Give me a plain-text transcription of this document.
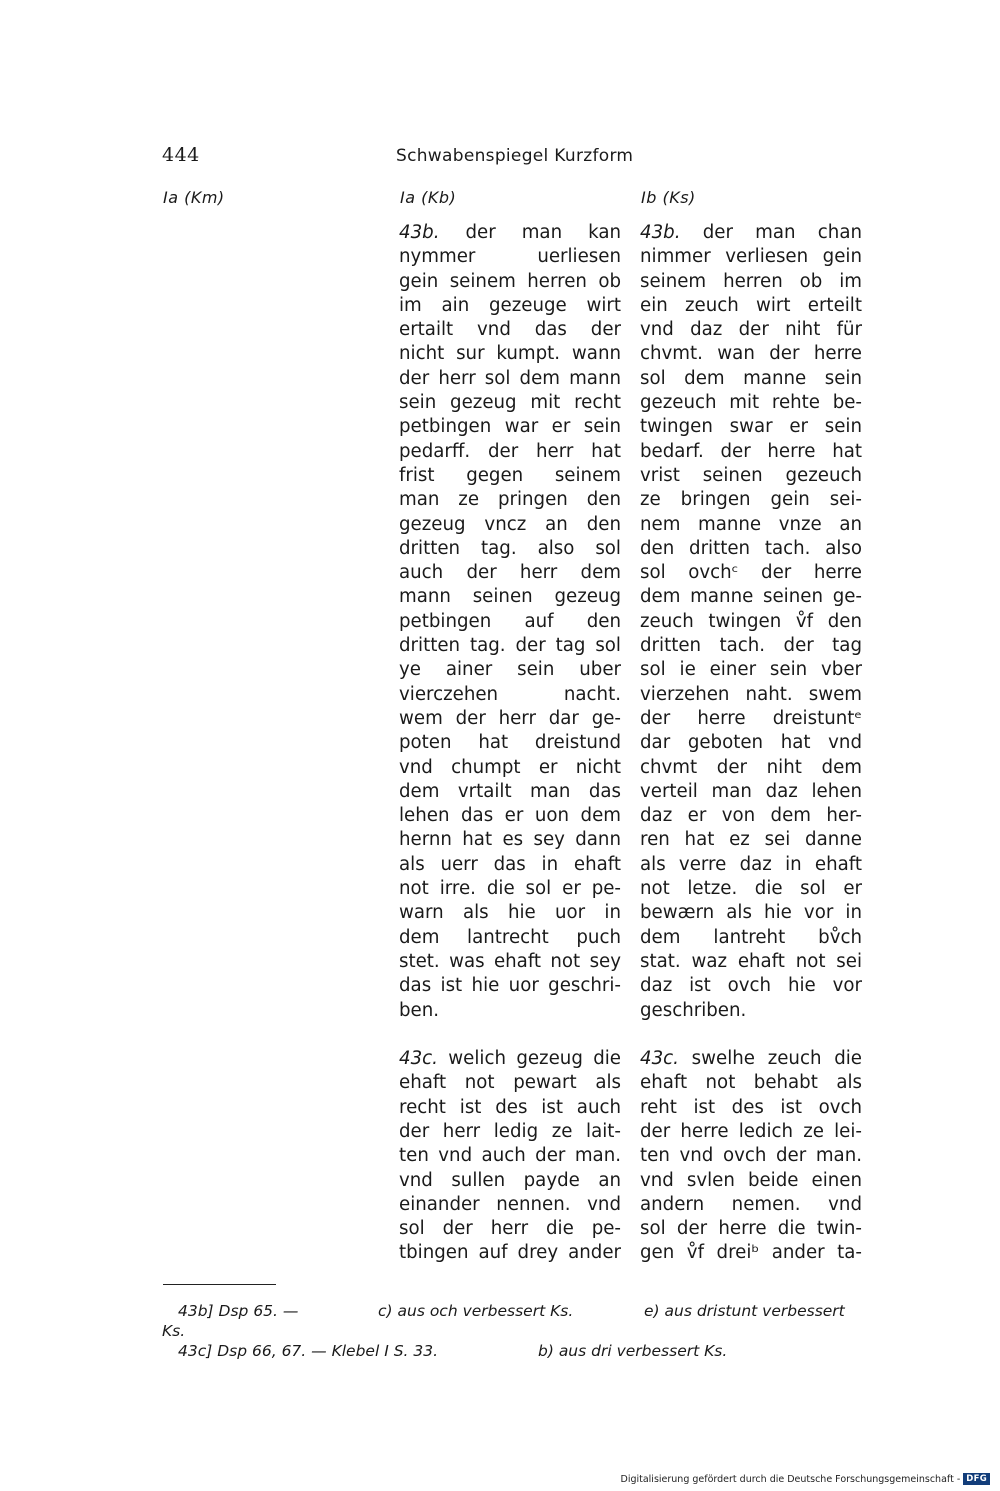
444	Schwabenspiegel Kurzform
Ia (Km)	Ia (Kb)	Ib (Ks)
43b. der man kan
nymmer uerliesen
gein seinem herren ob
im ain gezeuge wirt
ertailt vnd das der
nicht sur kumpt. wann
der herr sol dem mann
sein gezeug mit recht
petbingen war er sein
pedarff. der herr hat
frist gegen seinem
man ze pringen den
gezeug vncz an den
dritten tag. also sol
auch der herr dem
mann seinen gezeug
petbingen auf den
dritten tag. der tag sol
ye ainer sein uber
vierczehen nacht.
wem der herr dar ge-
poten hat dreistund
vnd chumpt er nicht
dem vrtailt man das
lehen das er uon dem
hernn hat es sey dann
als uerr das in ehaft
not irre. die sol er pe-
warn als hie uor in
dem lantrecht puch
stet. was ehaft not sey
das ist hie uor geschri-
ben.
43c. welich gezeug die
ehaft not pewart als
recht ist des ist auch
der herr ledig ze lait-
ten vnd auch der man.
vnd sullen payde an
einander nennen. vnd
sol der herr die pe-
tbingen auf drey ander
43b. der man chan
nimmer verliesen gein
seinem herren ob im
ein zeuch wirt erteilt
vnd daz der niht für
chvmt. wan der herre
sol dem manne sein
gezeuch mit rehte be-
twingen swar er sein
bedarf. der herre hat
vrist seinen gezeuch
ze bringen gein sei-
nem manne vnze an
den dritten tach. also
sol ovchᶜ der herre
dem manne seinen ge-
zeuch twingen v̊f den
dritten tach. der tag
sol ie einer sein vber
vierzehen naht. swem
der herre dreistuntᵉ
dar geboten hat vnd
chvmt der niht dem
verteil man daz lehen
daz er von dem her-
ren hat ez sei danne
als verre daz in ehaft
not letze. die sol er
bewærn als hie vor in
dem lantreht bv̊ch
stat. waz ehaft not sei
daz ist ovch hie vor
geschriben.
43c. swelhe zeuch die
ehaft not behabt als
reht ist des ist ovch
der herre ledich ze lei-
ten vnd ovch der man.
vnd svlen beide einen
andern nemen. vnd
sol der herre die twin-
gen v̊f dreiᵇ ander ta-
43b] Dsp 65. —	c) aus och verbessert Ks.	e) aus dristunt verbessert
Ks.
43c] Dsp 66, 67. — Klebel I S. 33.	b) aus dri verbessert Ks.
Digitalisierung gefördert durch die Deutsche Forschungsgemeinschaft - DFG
